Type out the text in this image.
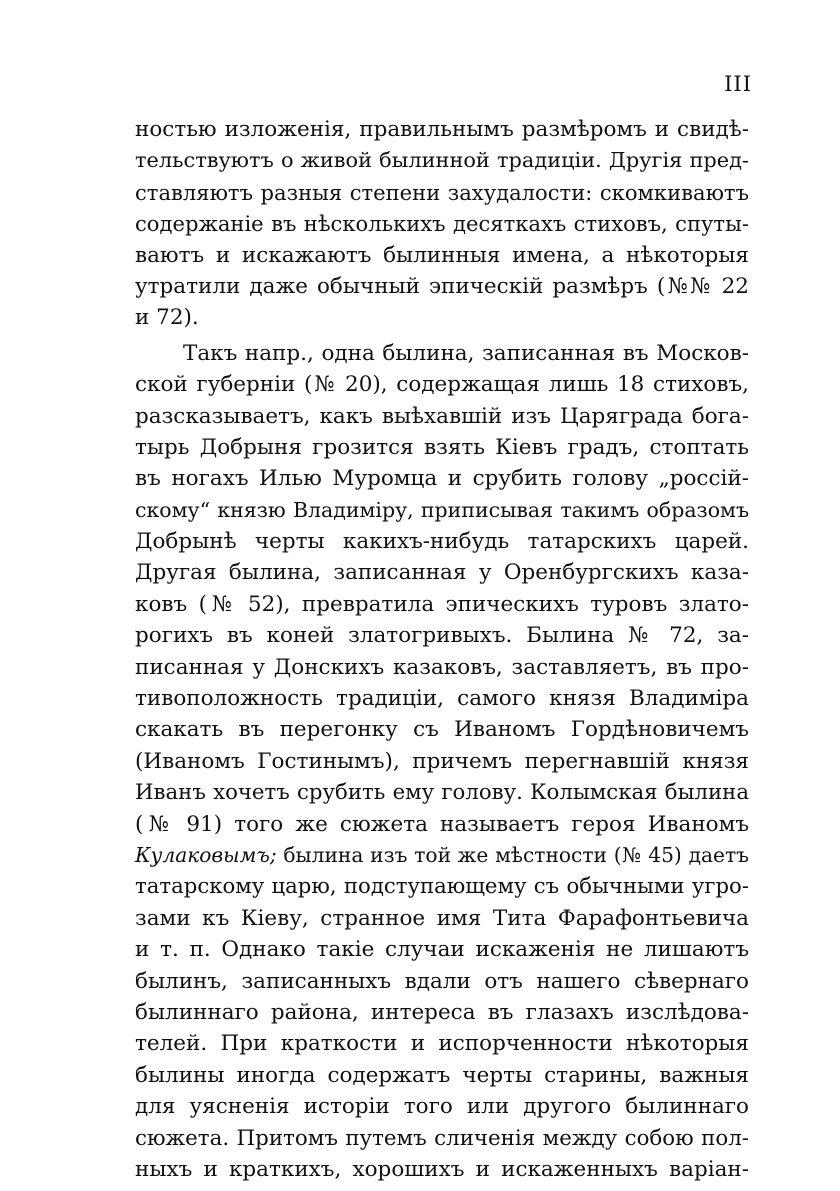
III
ностью изложенія, правильнымъ размѣромъ и свидѣ-
тельствуютъ о живой былинной традиціи. Другія пред-
ставляютъ разныя степени захудалости: скомкиваютъ
содержаніе въ нѣсколькихъ десяткахъ стиховъ, спуты-
ваютъ и искажаютъ былинныя имена, а нѣкоторыя
утратили даже обычный эпическій размѣръ (№№ 22
и 72).
Такъ напр., одна былина, записанная въ Москов-
ской губерніи (№ 20), содержащая лишь 18 стиховъ,
разсказываетъ, какъ выѣхавшій изъ Царяграда бога-
тырь Добрыня грозится взять Кіевъ градъ, стоптать
въ ногахъ Илью Муромца и срубить голову „россій-
скому“ князю Владиміру, приписывая такимъ образомъ
Добрынѣ черты какихъ-нибудь татарскихъ царей.
Другая былина, записанная у Оренбургскихъ каза-
ковъ (№ 52), превратила эпическихъ туровъ злато-
рогихъ въ коней златогривыхъ. Былина № 72, за-
писанная у Донскихъ казаковъ, заставляетъ, въ про-
тивоположность традиціи, самого князя Владиміра
скакать въ перегонку съ Иваномъ Гордѣновичемъ
(Иваномъ Гостинымъ), причемъ перегнавшій князя
Иванъ хочетъ срубить ему голову. Колымская былина
(№ 91) того же сюжета называетъ героя Иваномъ
Кулаковымъ; былина изъ той же мѣстности (№ 45) даетъ
татарскому царю, подступающему съ обычными угро-
зами къ Кіеву, странное имя Тита Фарафонтьевича
и т. п. Однако такіе случаи искаженія не лишаютъ
былинъ, записанныхъ вдали отъ нашего сѣвернаго
былиннаго района, интереса въ глазахъ изслѣдова-
телей. При краткости и испорченности нѣкоторыя
былины иногда содержатъ черты старины, важныя
для уясненія исторіи того или другого былиннаго
сюжета. Притомъ путемъ сличенія между собою пол-
ныхъ и краткихъ, хорошихъ и искаженныхъ варіан-
